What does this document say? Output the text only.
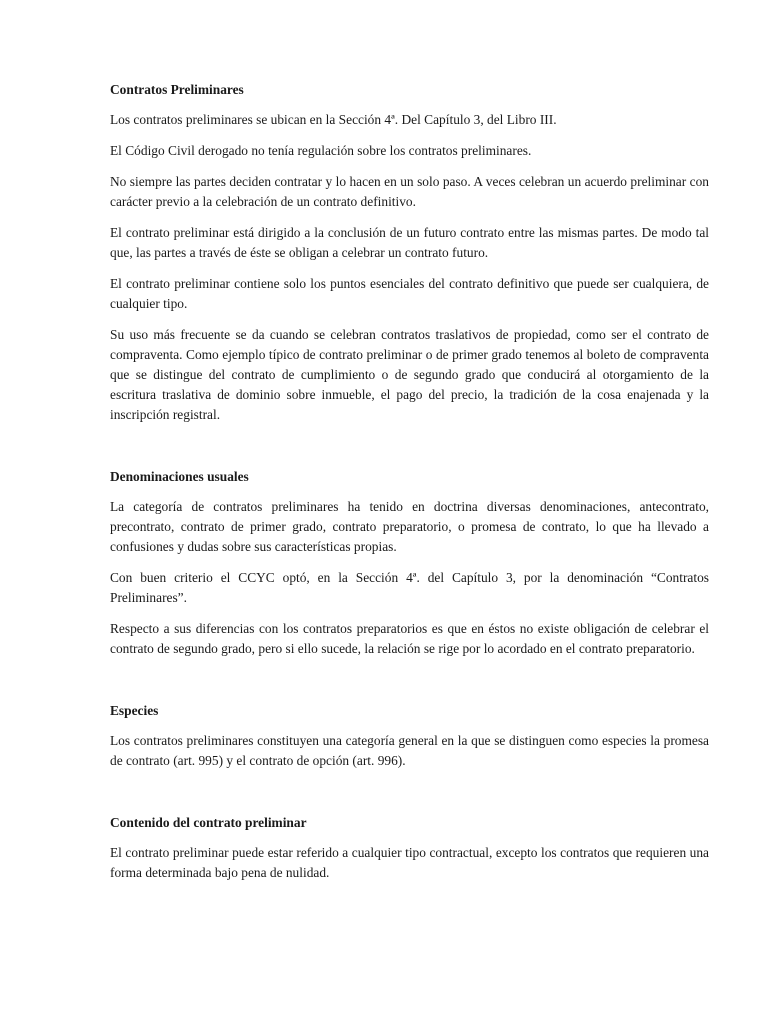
Contratos Preliminares

Los contratos preliminares se ubican en la Sección 4ª. Del Capítulo 3, del Libro III.

El Código Civil derogado no tenía regulación sobre los contratos preliminares.

No siempre las partes deciden contratar y lo hacen en un solo paso. A veces celebran un acuerdo preliminar con carácter previo a la celebración de un contrato definitivo.

El contrato preliminar está dirigido a la conclusión de un futuro contrato entre las mismas partes. De modo tal que, las partes a través de éste se obligan a celebrar un contrato futuro.

El contrato preliminar contiene solo los puntos esenciales del contrato definitivo que puede ser cualquiera, de cualquier tipo.

Su uso más frecuente se da cuando se celebran contratos traslativos de propiedad, como ser el contrato de compraventa. Como ejemplo típico de contrato preliminar o de primer grado tenemos al boleto de compraventa que se distingue del contrato de cumplimiento o de segundo grado que conducirá al otorgamiento de la escritura traslativa de dominio sobre inmueble, el pago del precio, la tradición de la cosa enajenada y la inscripción registral.

Denominaciones usuales

La categoría de contratos preliminares ha tenido en doctrina diversas denominaciones, antecontrato, precontrato, contrato de primer grado, contrato preparatorio, o promesa de contrato, lo que ha llevado a confusiones y dudas sobre sus características propias.

Con buen criterio el CCYC optó, en la Sección 4ª. del Capítulo 3, por la denominación “Contratos Preliminares”.

Respecto a sus diferencias con los contratos preparatorios es que en éstos no existe obligación de celebrar el contrato de segundo grado, pero si ello sucede, la relación se rige por lo acordado en el contrato preparatorio.

Especies

Los contratos preliminares constituyen una categoría general en la que se distinguen como especies la promesa de contrato (art. 995) y el contrato de opción (art. 996).

Contenido del contrato preliminar

El contrato preliminar puede estar referido a cualquier tipo contractual, excepto los contratos que requieren una forma determinada bajo pena de nulidad.
